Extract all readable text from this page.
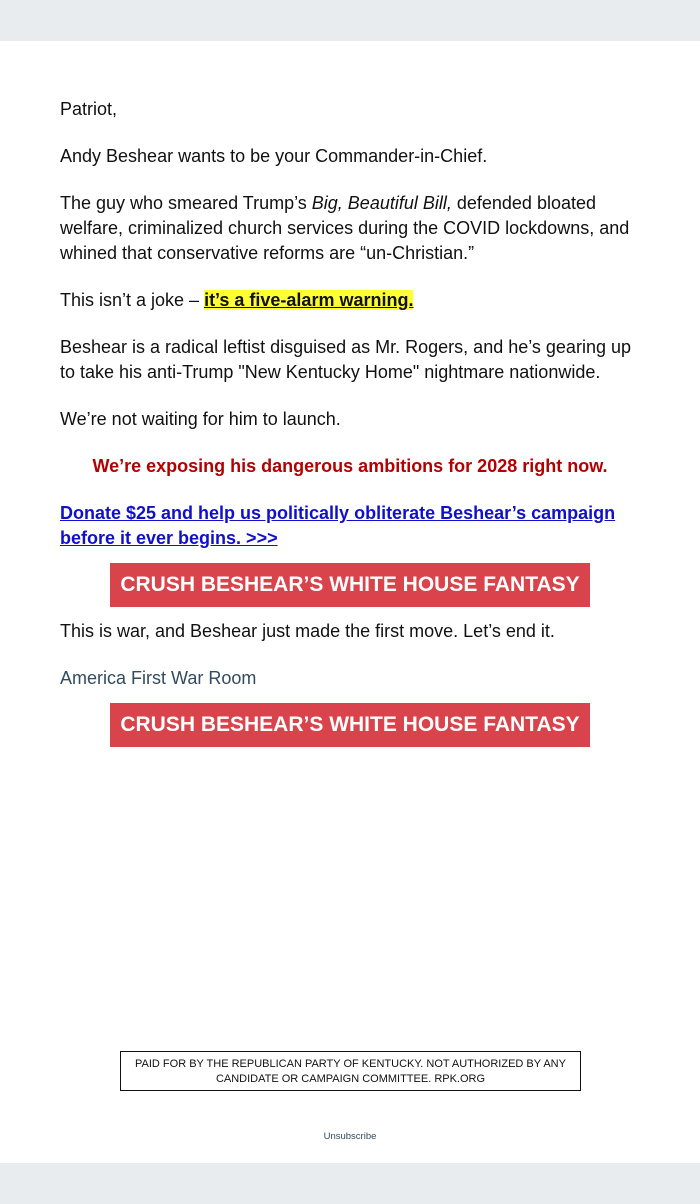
Patriot,

Andy Beshear wants to be your Commander-in-Chief.

The guy who smeared Trump’s Big, Beautiful Bill, defended bloated welfare, criminalized church services during the COVID lockdowns, and whined that conservative reforms are “un-Christian.”

This isn’t a joke – it’s a five-alarm warning.

Beshear is a radical leftist disguised as Mr. Rogers, and he’s gearing up to take his anti-Trump "New Kentucky Home" nightmare nationwide.

We’re not waiting for him to launch.

We’re exposing his dangerous ambitions for 2028 right now.

Donate $25 and help us politically obliterate Beshear’s campaign before it ever begins. >>>
CRUSH BESHEAR’S WHITE HOUSE FANTASY

This is war, and Beshear just made the first move. Let’s end it.

America First War Room

CRUSH BESHEAR’S WHITE HOUSE FANTASY
PAID FOR BY THE REPUBLICAN PARTY OF KENTUCKY. NOT AUTHORIZED BY ANY CANDIDATE OR CAMPAIGN COMMITTEE. RPK.ORG
Unsubscribe
